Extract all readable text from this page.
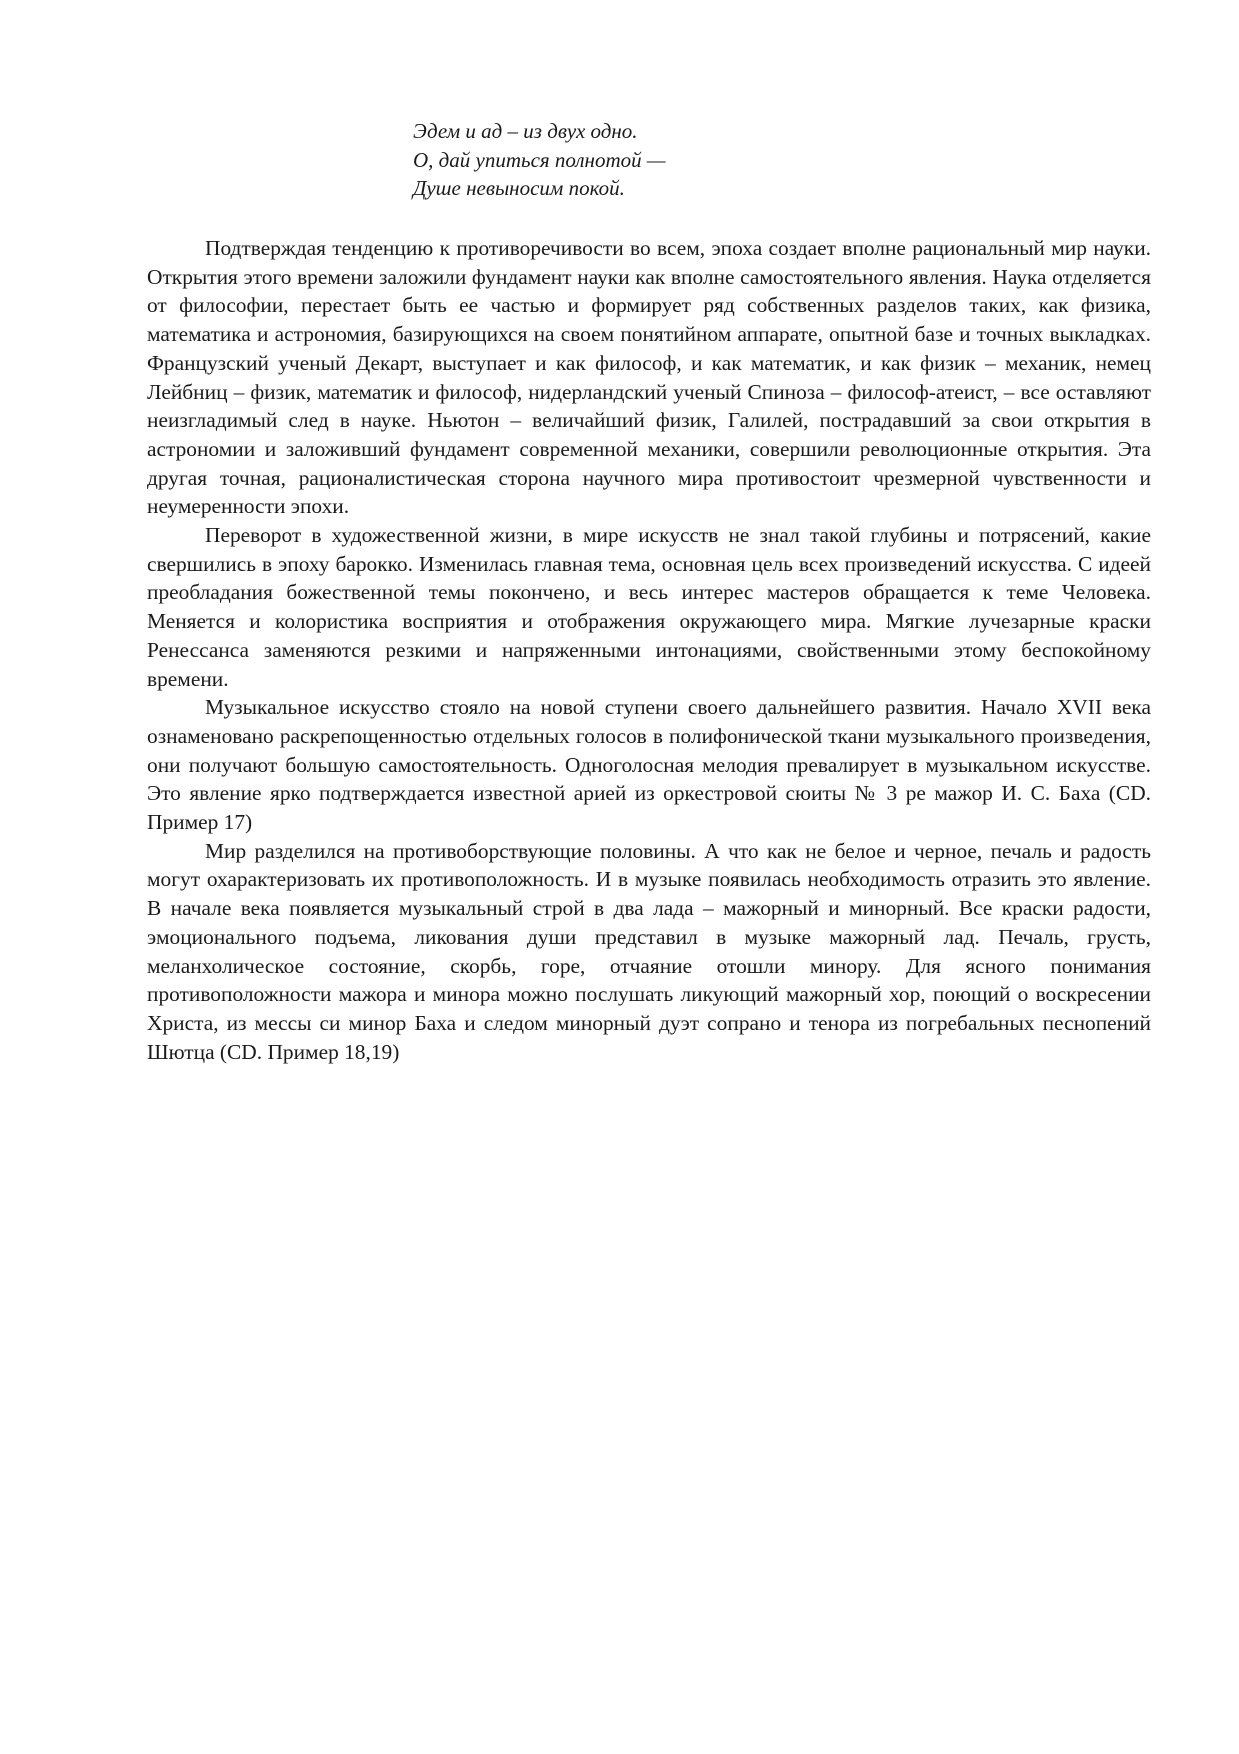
Эдем и ад – из двух одно.
О, дай упиться полнотой —
Душе невыносим покой.

Подтверждая тенденцию к противоречивости во всем, эпоха создает вполне рациональный мир науки. Открытия этого времени заложили фундамент науки как вполне самостоятельного явления. Наука отделяется от философии, перестает быть ее частью и формирует ряд собственных разделов таких, как физика, математика и астрономия, базирующихся на своем понятийном аппарате, опытной базе и точных выкладках. Французский ученый Декарт, выступает и как философ, и как математик, и как физик – механик, немец Лейбниц – физик, математик и философ, нидерландский ученый Спиноза – философ-атеист, – все оставляют неизгладимый след в науке. Ньютон – величайший физик, Галилей, пострадавший за свои открытия в астрономии и заложивший фундамент современной механики, совершили революционные открытия. Эта другая точная, рационалистическая сторона научного мира противостоит чрезмерной чувственности и неумеренности эпохи.

Переворот в художественной жизни, в мире искусств не знал такой глубины и потрясений, какие свершились в эпоху барокко. Изменилась главная тема, основная цель всех произведений искусства. С идеей преобладания божественной темы покончено, и весь интерес мастеров обращается к теме Человека. Меняется и колористика восприятия и отображения окружающего мира. Мягкие лучезарные краски Ренессанса заменяются резкими и напряженными интонациями, свойственными этому беспокойному времени.

Музыкальное искусство стояло на новой ступени своего дальнейшего развития. Начало XVII века ознаменовано раскрепощенностью отдельных голосов в полифонической ткани музыкального произведения, они получают большую самостоятельность. Одноголосная мелодия превалирует в музыкальном искусстве. Это явление ярко подтверждается известной арией из оркестровой сюиты № 3 ре мажор И. С. Баха (CD. Пример 17)

Мир разделился на противоборствующие половины. А что как не белое и черное, печаль и радость могут охарактеризовать их противоположность. И в музыке появилась необходимость отразить это явление. В начале века появляется музыкальный строй в два лада – мажорный и минорный. Все краски радости, эмоционального подъема, ликования души представил в музыке мажорный лад. Печаль, грусть, меланхолическое состояние, скорбь, горе, отчаяние отошли минору. Для ясного понимания противоположности мажора и минора можно послушать ликующий мажорный хор, поющий о воскресении Христа, из мессы си минор Баха и следом минорный дуэт сопрано и тенора из погребальных песнопений Шютца (CD. Пример 18,19)
